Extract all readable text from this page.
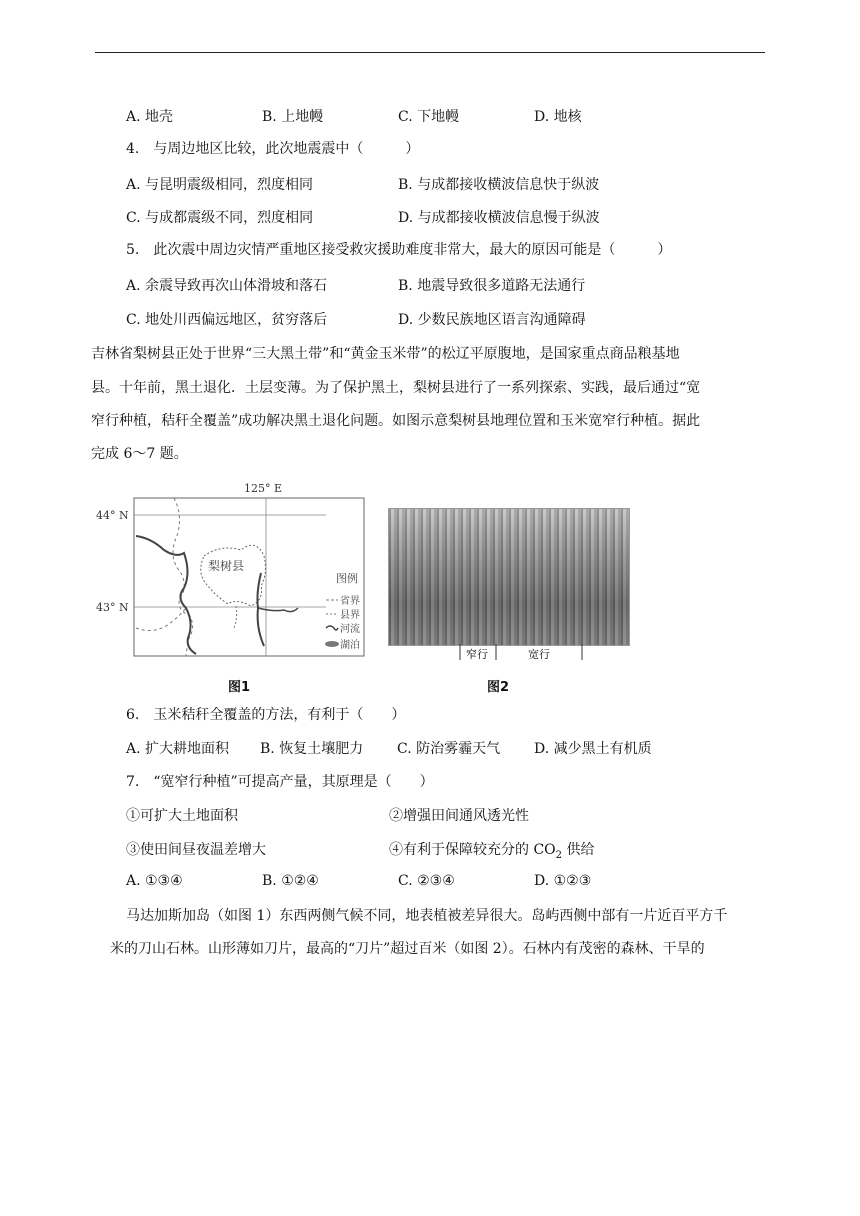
A. 地壳	B. 上地幔	C. 下地幔	D. 地核
4.　与周边地区比较，此次地震震中（　　　）
A. 与昆明震级相同，烈度相同	B. 与成都接收横波信息快于纵波
C. 与成都震级不同，烈度相同	D. 与成都接收横波信息慢于纵波
5.　此次震中周边灾情严重地区接受救灾援助难度非常大，最大的原因可能是（　　　）
A. 余震导致再次山体滑坡和落石	B. 地震导致很多道路无法通行
C. 地处川西偏远地区，贫穷落后	D. 少数民族地区语言沟通障碍
吉林省梨树县正处于世界“三大黑土带”和“黄金玉米带”的松辽平原腹地，是国家重点商品粮基地
县。十年前，黑土退化．土层变薄。为了保护黑土，梨树县进行了一系列探索、实践，最后通过“宽
窄行种植，秸秆全覆盖”成功解决黑土退化问题。如图示意梨树县地理位置和玉米宽窄行种植。据此
完成 6～7 题。
125° E
44° N
43° N
梨树县
图例
省界
县界
河流
湖泊
图1
窄行	宽行
图2
6.　玉米秸秆全覆盖的方法，有利于（　　）
A. 扩大耕地面积 B. 恢复土壤肥力 C. 防治雾霾天气 D. 减少黑土有机质
7.　“宽窄行种植”可提高产量，其原理是（　　）
①可扩大土地面积	②增强田间通风透光性
③使田间昼夜温差增大	④有利于保障较充分的 $CO_2$ 供给
A. ①③④	B. ①②④	C. ②③④	D. ①②③
马达加斯加岛（如图 1）东西两侧气候不同，地表植被差异很大。岛屿西侧中部有一片近百平方千
米的刀山石林。山形薄如刀片，最高的“刀片”超过百米（如图 2）。石林内有茂密的森林、干旱的
